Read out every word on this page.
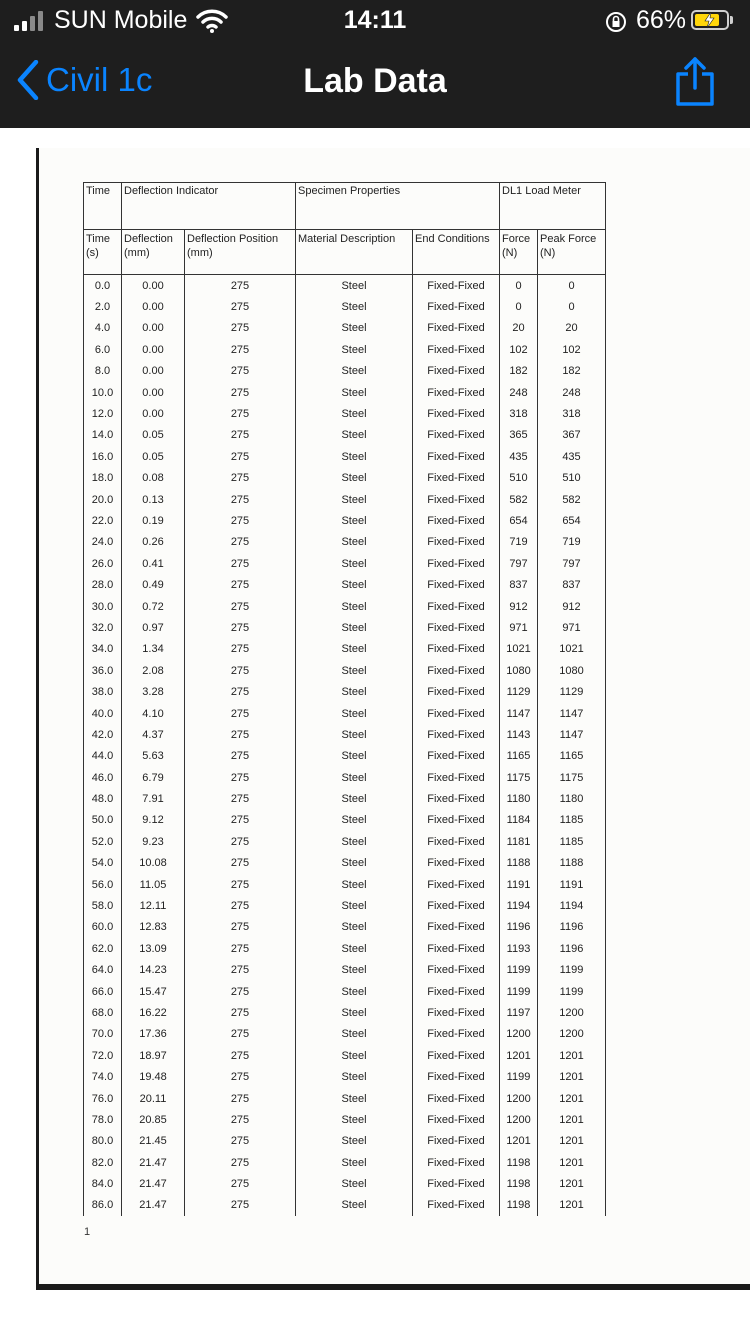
SUN Mobile	14:11	66%
Civil 1c	Lab Data
Time	Deflection Indicator		Specimen Properties		DL1 Load Meter	
Time (s)	Deflection (mm)	Deflection Position (mm)	Material Description	End Conditions	Force (N)	Peak Force (N)
0.0	0.00	275	Steel	Fixed-Fixed	0	0
2.0	0.00	275	Steel	Fixed-Fixed	0	0
4.0	0.00	275	Steel	Fixed-Fixed	20	20
6.0	0.00	275	Steel	Fixed-Fixed	102	102
8.0	0.00	275	Steel	Fixed-Fixed	182	182
10.0	0.00	275	Steel	Fixed-Fixed	248	248
12.0	0.00	275	Steel	Fixed-Fixed	318	318
14.0	0.05	275	Steel	Fixed-Fixed	365	367
16.0	0.05	275	Steel	Fixed-Fixed	435	435
18.0	0.08	275	Steel	Fixed-Fixed	510	510
20.0	0.13	275	Steel	Fixed-Fixed	582	582
22.0	0.19	275	Steel	Fixed-Fixed	654	654
24.0	0.26	275	Steel	Fixed-Fixed	719	719
26.0	0.41	275	Steel	Fixed-Fixed	797	797
28.0	0.49	275	Steel	Fixed-Fixed	837	837
30.0	0.72	275	Steel	Fixed-Fixed	912	912
32.0	0.97	275	Steel	Fixed-Fixed	971	971
34.0	1.34	275	Steel	Fixed-Fixed	1021	1021
36.0	2.08	275	Steel	Fixed-Fixed	1080	1080
38.0	3.28	275	Steel	Fixed-Fixed	1129	1129
40.0	4.10	275	Steel	Fixed-Fixed	1147	1147
42.0	4.37	275	Steel	Fixed-Fixed	1143	1147
44.0	5.63	275	Steel	Fixed-Fixed	1165	1165
46.0	6.79	275	Steel	Fixed-Fixed	1175	1175
48.0	7.91	275	Steel	Fixed-Fixed	1180	1180
50.0	9.12	275	Steel	Fixed-Fixed	1184	1185
52.0	9.23	275	Steel	Fixed-Fixed	1181	1185
54.0	10.08	275	Steel	Fixed-Fixed	1188	1188
56.0	11.05	275	Steel	Fixed-Fixed	1191	1191
58.0	12.11	275	Steel	Fixed-Fixed	1194	1194
60.0	12.83	275	Steel	Fixed-Fixed	1196	1196
62.0	13.09	275	Steel	Fixed-Fixed	1193	1196
64.0	14.23	275	Steel	Fixed-Fixed	1199	1199
66.0	15.47	275	Steel	Fixed-Fixed	1199	1199
68.0	16.22	275	Steel	Fixed-Fixed	1197	1200
70.0	17.36	275	Steel	Fixed-Fixed	1200	1200
72.0	18.97	275	Steel	Fixed-Fixed	1201	1201
74.0	19.48	275	Steel	Fixed-Fixed	1199	1201
76.0	20.11	275	Steel	Fixed-Fixed	1200	1201
78.0	20.85	275	Steel	Fixed-Fixed	1200	1201
80.0	21.45	275	Steel	Fixed-Fixed	1201	1201
82.0	21.47	275	Steel	Fixed-Fixed	1198	1201
84.0	21.47	275	Steel	Fixed-Fixed	1198	1201
86.0	21.47	275	Steel	Fixed-Fixed	1198	1201
1
